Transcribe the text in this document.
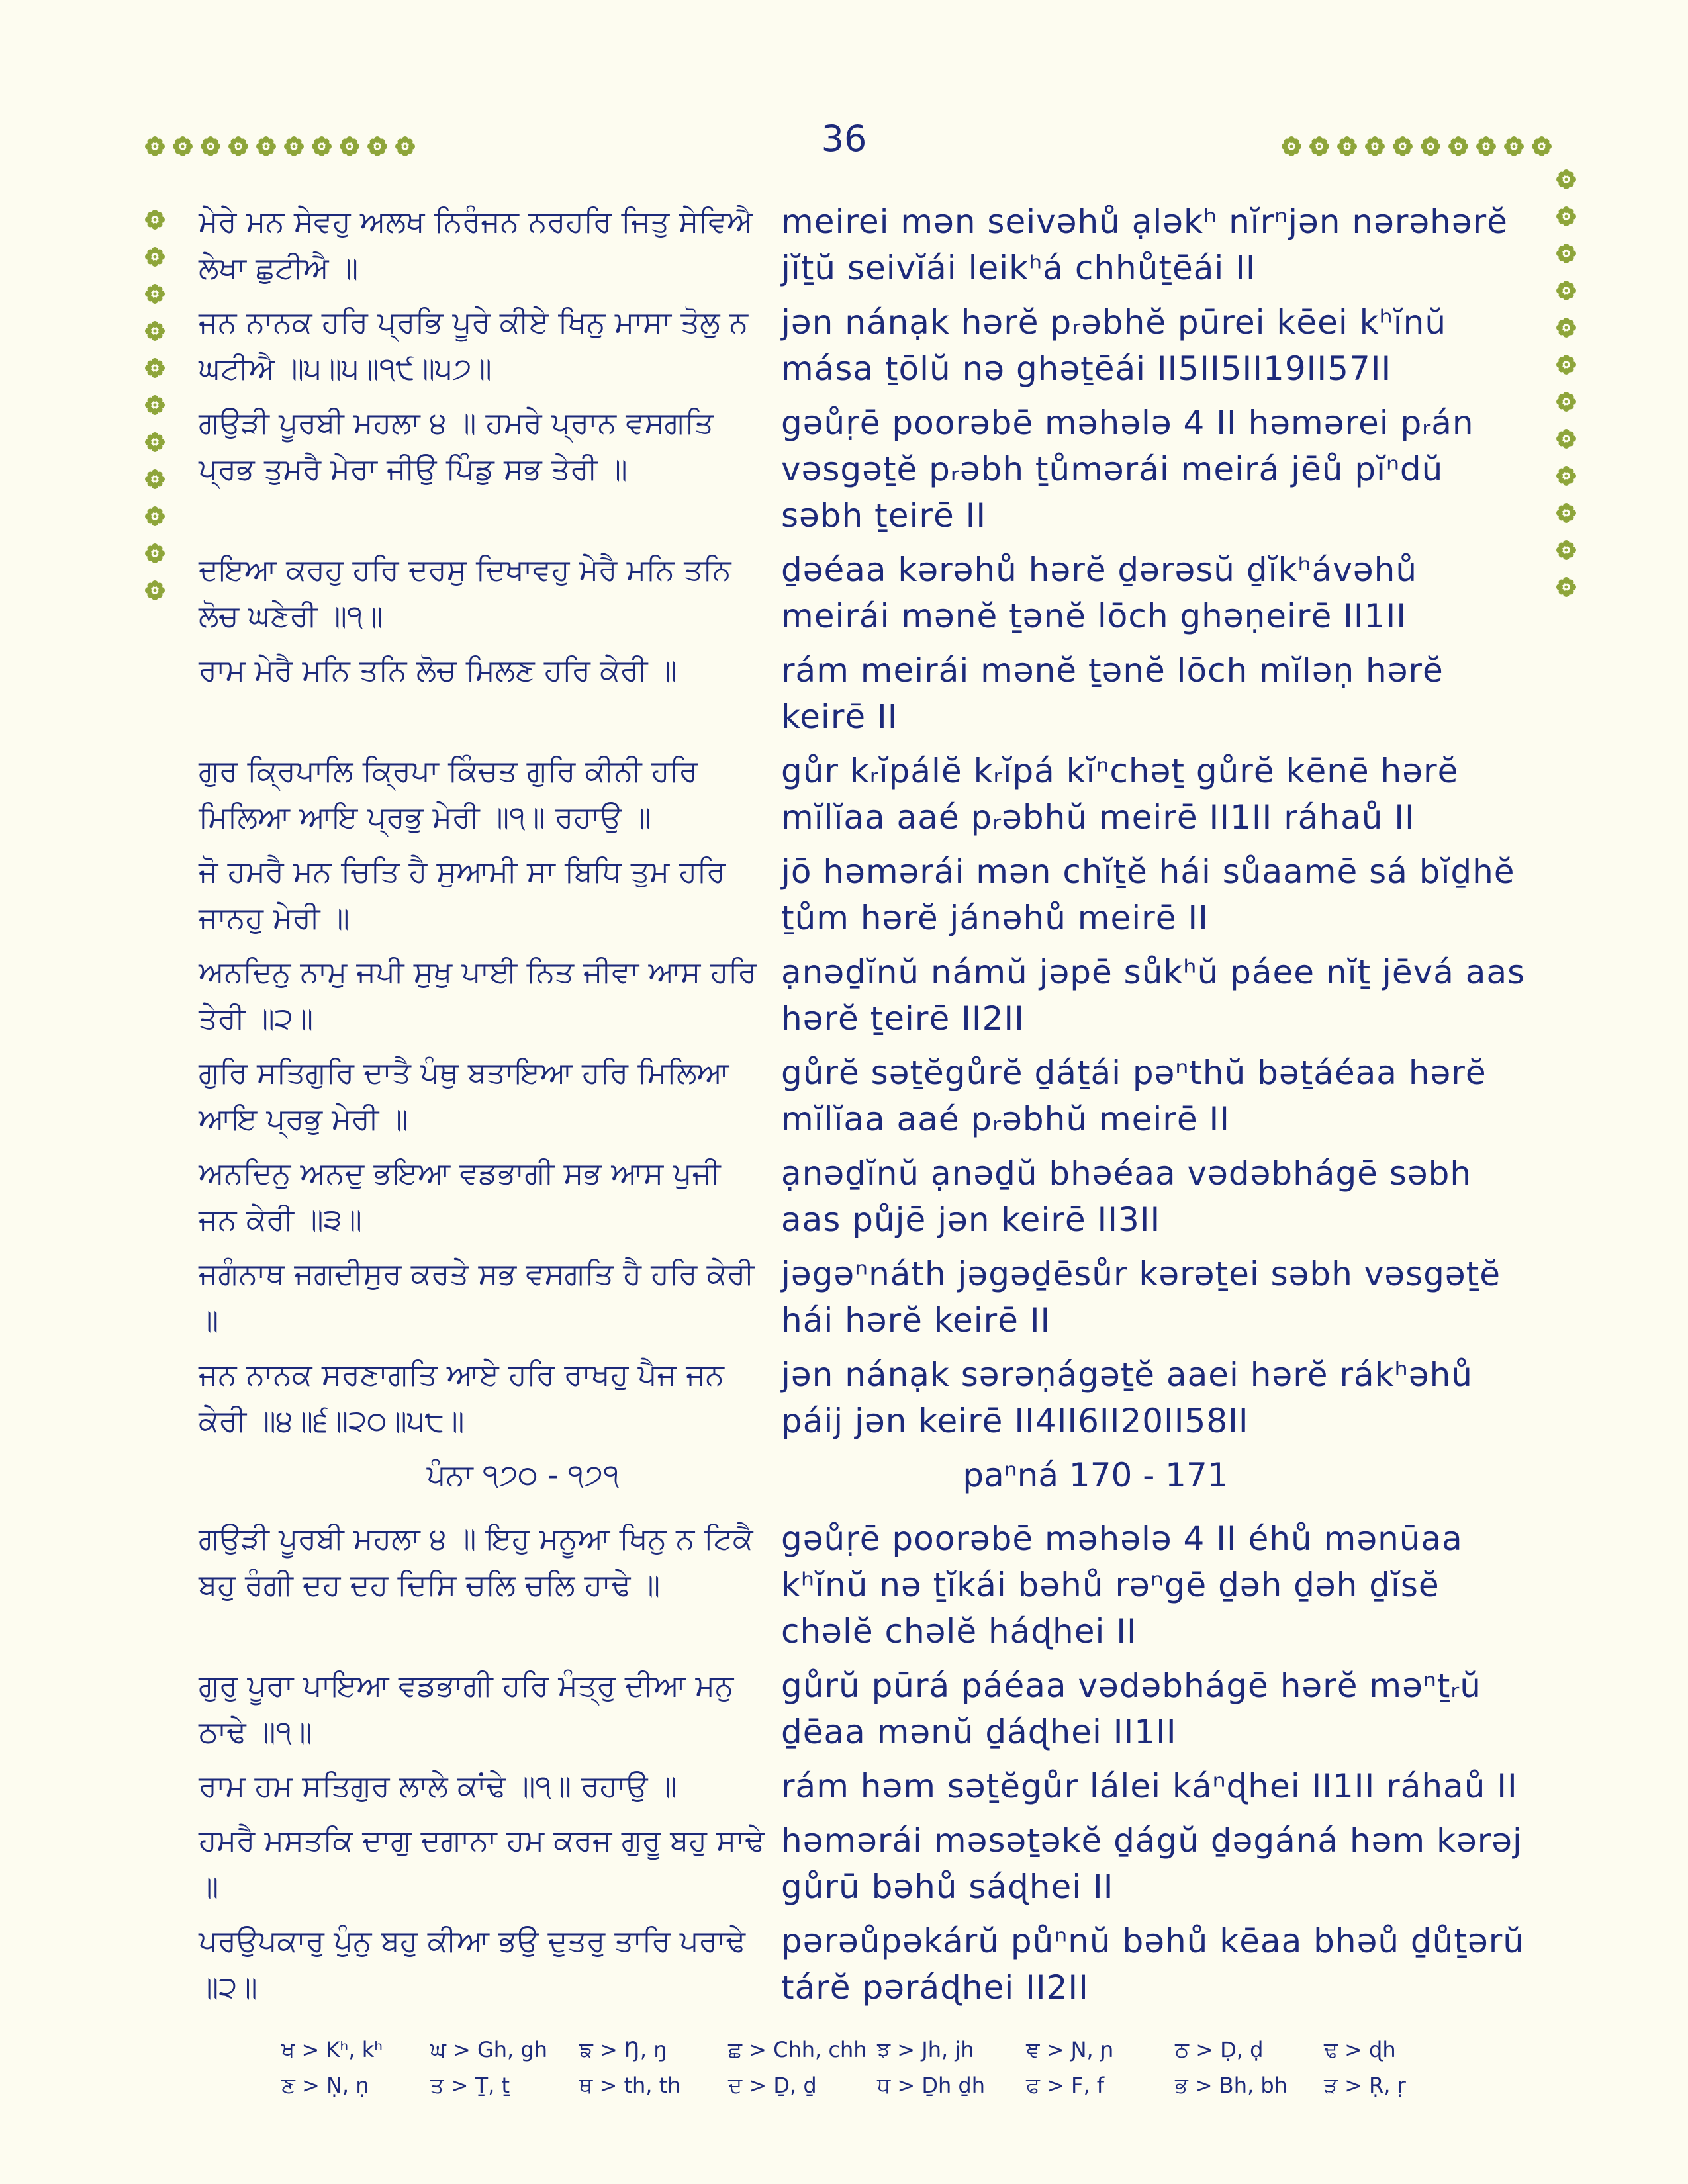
36
ਮੇਰੇ ਮਨ ਸੇਵਹੁ ਅਲਖ ਨਿਰੰਜਨ ਨਰਹਰਿ ਜਿਤੁ ਸੇਵਿਐ ਲੇਖਾ ਛੁਟੀਐ ॥
meirei mən seivəhů ạləkʰ nĭrⁿjən nərəhərĕ jĭṯŭ seivĭái leikʰá chhůṯēái II
ਜਨ ਨਾਨਕ ਹਰਿ ਪ੍ਰਭਿ ਪੂਰੇ ਕੀਏ ਖਿਨੁ ਮਾਸਾ ਤੋਲੁ ਨ ਘਟੀਐ ॥੫॥੫॥੧੯॥੫੭॥
jən nánạk hərĕ pᵣəbhĕ pūrei kēei kʰĭnŭ mása ṯōlŭ nə ghəṯēái II5II5II19II57II
ਗਉੜੀ ਪੂਰਬੀ ਮਹਲਾ ੪ ॥ ਹਮਰੇ ਪ੍ਰਾਨ ਵਸਗਤਿ ਪ੍ਰਭ ਤੁਮਰੈ ਮੇਰਾ ਜੀਉ ਪਿੰਡੁ ਸਭ ਤੇਰੀ ॥
gəůṛē poorəbē məhələ 4 II həmərei pᵣán vəsgəṯĕ pᵣəbh ṯůmərái meirá jēů pĭⁿdŭ səbh ṯeirē II
ਦਇਆ ਕਰਹੁ ਹਰਿ ਦਰਸੁ ਦਿਖਾਵਹੁ ਮੇਰੈ ਮਨਿ ਤਨਿ ਲੋਚ ਘਣੇਰੀ ॥੧॥
ḏəéaa kərəhů hərĕ ḏərəsŭ ḏĭkʰávəhů meirái mənĕ ṯənĕ lōch ghəṇeirē II1II
ਰਾਮ ਮੇਰੈ ਮਨਿ ਤਨਿ ਲੋਚ ਮਿਲਣ ਹਰਿ ਕੇਰੀ ॥	rám meirái mənĕ ṯənĕ lōch mĭləṇ hərĕ keirē II
ਗੁਰ ਕ੍ਰਿਪਾਲਿ ਕ੍ਰਿਪਾ ਕਿੰਚਤ ਗੁਰਿ ਕੀਨੀ ਹਰਿ ਮਿਲਿਆ ਆਇ ਪ੍ਰਭੁ ਮੇਰੀ ॥੧॥ ਰਹਾਉ ॥
gůr kᵣĭpálĕ kᵣĭpá kĭⁿchəṯ gůrĕ kēnē hərĕ mĭlĭaa aaé pᵣəbhŭ meirē II1II ráhaů II
ਜੋ ਹਮਰੈ ਮਨ ਚਿਤਿ ਹੈ ਸੁਆਮੀ ਸਾ ਬਿਧਿ ਤੁਮ ਹਰਿ ਜਾਨਹੁ ਮੇਰੀ ॥
jō həmərái mən chĭṯĕ hái sůaamē sá bĭḏhĕ ṯům hərĕ jánəhů meirē II
ਅਨਦਿਨੁ ਨਾਮੁ ਜਪੀ ਸੁਖੁ ਪਾਈ ਨਿਤ ਜੀਵਾ ਆਸ ਹਰਿ ਤੇਰੀ ॥੨॥
ạnəḏĭnŭ námŭ jəpē sůkʰŭ páee nĭṯ jēvá aas hərĕ ṯeirē II2II
ਗੁਰਿ ਸਤਿਗੁਰਿ ਦਾਤੈ ਪੰਥੁ ਬਤਾਇਆ ਹਰਿ ਮਿਲਿਆ ਆਇ ਪ੍ਰਭੁ ਮੇਰੀ ॥
gůrĕ səṯĕgůrĕ ḏáṯái pəⁿthŭ bəṯáéaa hərĕ mĭlĭaa aaé pᵣəbhŭ meirē II
ਅਨਦਿਨੁ ਅਨਦੁ ਭਇਆ ਵਡਭਾਗੀ ਸਭ ਆਸ ਪੁਜੀ ਜਨ ਕੇਰੀ ॥੩॥
ạnəḏĭnŭ ạnəḏŭ bhəéaa vədəbhágē səbh aas půjē jən keirē II3II
ਜਗੰਨਾਥ ਜਗਦੀਸੁਰ ਕਰਤੇ ਸਭ ਵਸਗਤਿ ਹੈ ਹਰਿ ਕੇਰੀ ॥
jəgəⁿnáth jəgəḏēsůr kərəṯei səbh vəsgəṯĕ hái hərĕ keirē II
ਜਨ ਨਾਨਕ ਸਰਣਾਗਤਿ ਆਏ ਹਰਿ ਰਾਖਹੁ ਪੈਜ ਜਨ ਕੇਰੀ ॥੪॥੬॥੨੦॥੫੮॥
jən nánạk sərəṇágəṯĕ aaei hərĕ rákʰəhů páij jən keirē II4II6II20II58II
ਪੰਨਾ ੧੭੦ - ੧੭੧	paⁿná 170 - 171
ਗਉੜੀ ਪੂਰਬੀ ਮਹਲਾ ੪ ॥ ਇਹੁ ਮਨੂਆ ਖਿਨੁ ਨ ਟਿਕੈ ਬਹੁ ਰੰਗੀ ਦਹ ਦਹ ਦਿਸਿ ਚਲਿ ਚਲਿ ਹਾਢੇ ॥
gəůṛē poorəbē məhələ 4 II éhů mənūaa kʰĭnŭ nə ṯĭkái bəhů rəⁿgē ḏəh ḏəh ḏĭsĕ chəlĕ chəlĕ háɖhei II
ਗੁਰੁ ਪੂਰਾ ਪਾਇਆ ਵਡਭਾਗੀ ਹਰਿ ਮੰਤ੍ਰੁ ਦੀਆ ਮਨੁ ਠਾਢੇ ॥੧॥
gůrŭ pūrá páéaa vədəbhágē hərĕ məⁿṯᵣŭ ḏēaa mənŭ ḏáɖhei II1II
ਰਾਮ ਹਮ ਸਤਿਗੁਰ ਲਾਲੇ ਕਾਂਢੇ ॥੧॥ ਰਹਾਉ ॥	rám həm səṯĕgůr lálei káⁿɖhei II1II ráhaů II
ਹਮਰੈ ਮਸਤਕਿ ਦਾਗੁ ਦਗਾਨਾ ਹਮ ਕਰਜ ਗੁਰੂ ਬਹੁ ਸਾਢੇ ॥
həmərái məsəṯəkĕ ḏágŭ ḏəgáná həm kərəj gůrū bəhů sáɖhei II
ਪਰਉਪਕਾਰੁ ਪੁੰਨੁ ਬਹੁ ਕੀਆ ਭਉ ਦੁਤਰੁ ਤਾਰਿ ਪਰਾਢੇ ॥੨॥
pərəůpəkárŭ půⁿnŭ bəhů kēaa bhəů ḏůṯərŭ tárĕ pəráɖhei II2II
ਖ > Kʰ, kʰ	ਘ > Gh, gh	ਙ > Ŋ, ŋ	ਛ > Chh, chh ਝ > Jh, jh	ਞ > Ɲ, ɲ	ਠ > Ḍ, ḍ	ਢ > ɖh
ਣ > Ṇ, ṇ	ਤ > Ṯ, ṯ	ਥ > th, th	ਦ > Ḏ, ḏ	ਧ > Ḏh ḏh	ਫ > F, f	ਭ > Bh, bh	ੜ > Ṛ, ṛ
